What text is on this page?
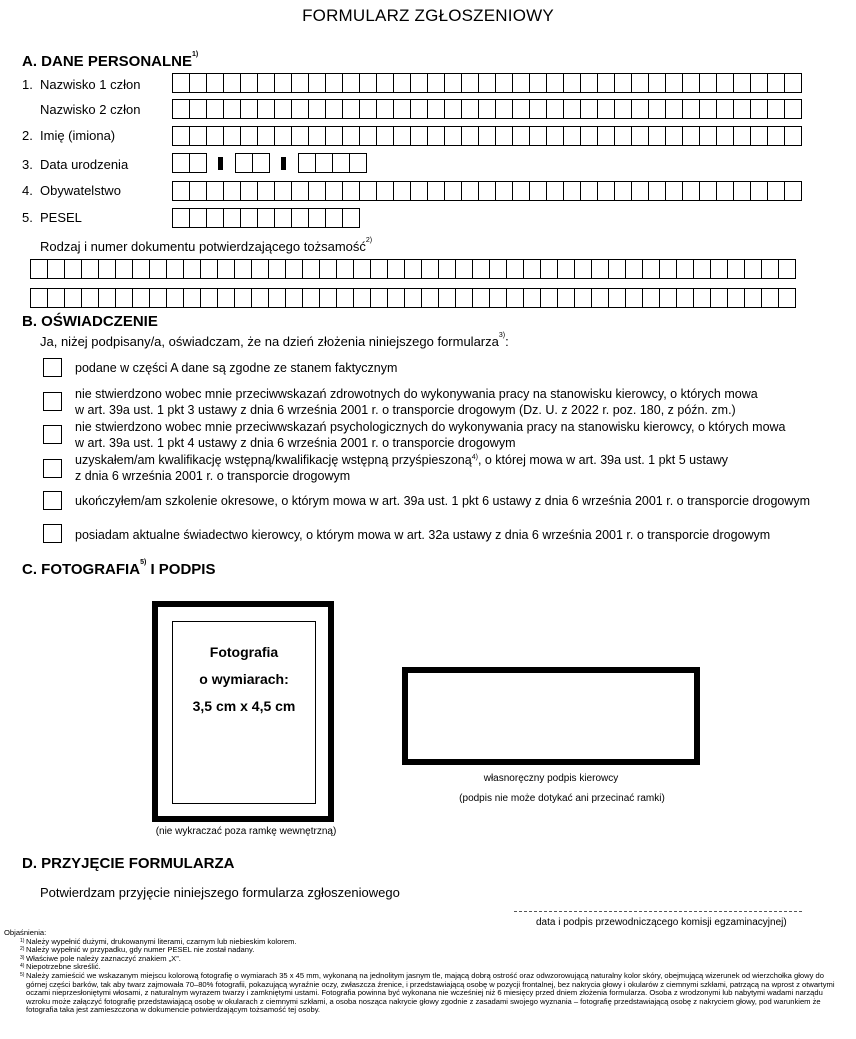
FORMULARZ ZGŁOSZENIOWY
A. DANE PERSONALNE$^{1)}$
1. Nazwisko 1 człon
Nazwisko 2 człon
2. Imię (imiona)
3. Data urodzenia
4. Obywatelstwo
5. PESEL
Rodzaj i numer dokumentu potwierdzającego tożsamość$^{2)}$
B. OŚWIADCZENIE
Ja, niżej podpisany/a, oświadczam, że na dzień złożenia niniejszego formularza$^{3)}$:
podane w części A dane są zgodne ze stanem faktycznym
nie stwierdzono wobec mnie przeciwwskazań zdrowotnych do wykonywania pracy na stanowisku kierowcy, o których mowa
w art. 39a ust. 1 pkt 3 ustawy z dnia 6 września 2001 r. o transporcie drogowym (Dz. U. z 2022 r. poz. 180, z późn. zm.)
nie stwierdzono wobec mnie przeciwwskazań psychologicznych do wykonywania pracy na stanowisku kierowcy, o których mowa
w art. 39a ust. 1 pkt 4 ustawy z dnia 6 września 2001 r. o transporcie drogowym
uzyskałem/am kwalifikację wstępną/kwalifikację wstępną przyśpieszoną$^{4)}$, o której mowa w art. 39a ust. 1 pkt 5 ustawy
z dnia 6 września 2001 r. o transporcie drogowym
ukończyłem/am szkolenie okresowe, o którym mowa w art. 39a ust. 1 pkt 6 ustawy z dnia 6 września 2001 r. o transporcie drogowym
posiadam aktualne świadectwo kierowcy, o którym mowa w art. 32a ustawy z dnia 6 września 2001 r. o transporcie drogowym
C. FOTOGRAFIA$^{5)}$ I PODPIS
Fotografia
o wymiarach:
3,5 cm x 4,5 cm
(nie wykraczać poza ramkę wewnętrzną)
własnoręczny podpis kierowcy
(podpis nie może dotykać ani przecinać ramki)
D. PRZYJĘCIE FORMULARZA
Potwierdzam przyjęcie niniejszego formularza zgłoszeniowego
data i podpis przewodniczącego komisji egzaminacyjnej)
Objaśnienia:

1) Należy wypełnić dużymi, drukowanymi literami, czarnym lub niebieskim kolorem.

2) Należy wypełnić w przypadku, gdy numer PESEL nie został nadany.

3) Właściwe pole należy zaznaczyć znakiem „X”.

4) Niepotrzebne skreślić.

5) Należy zamieścić we wskazanym miejscu kolorową fotografię o wymiarach 35 x 45 mm, wykonaną na jednolitym jasnym tle, mającą dobrą ostrość oraz odwzorowującą naturalny kolor skóry, obejmującą wizerunek od wierzchołka głowy do górnej części barków, tak aby twarz zajmowała 70–80% fotografii, pokazującą wyraźnie oczy, zwłaszcza źrenice, i przedstawiającą osobę w pozycji frontalnej, bez nakrycia głowy i okularów z ciemnymi szkłami, patrzącą na wprost z otwartymi oczami nieprzesłoniętymi włosami, z naturalnym wyrazem twarzy i zamkniętymi ustami. Fotografia powinna być wykonana nie wcześniej niż 6 miesięcy przed dniem złożenia formularza. Osoba z wrodzonymi lub nabytymi wadami narządu wzroku może załączyć fotografię przedstawiającą osobę w okularach z ciemnymi szkłami, a osoba nosząca nakrycie głowy zgodnie z zasadami swojego wyznania – fotografię przedstawiającą osobę z nakryciem głowy, pod warunkiem że fotografia taka jest zamieszczona w dokumencie potwierdzającym tożsamość tej osoby.
